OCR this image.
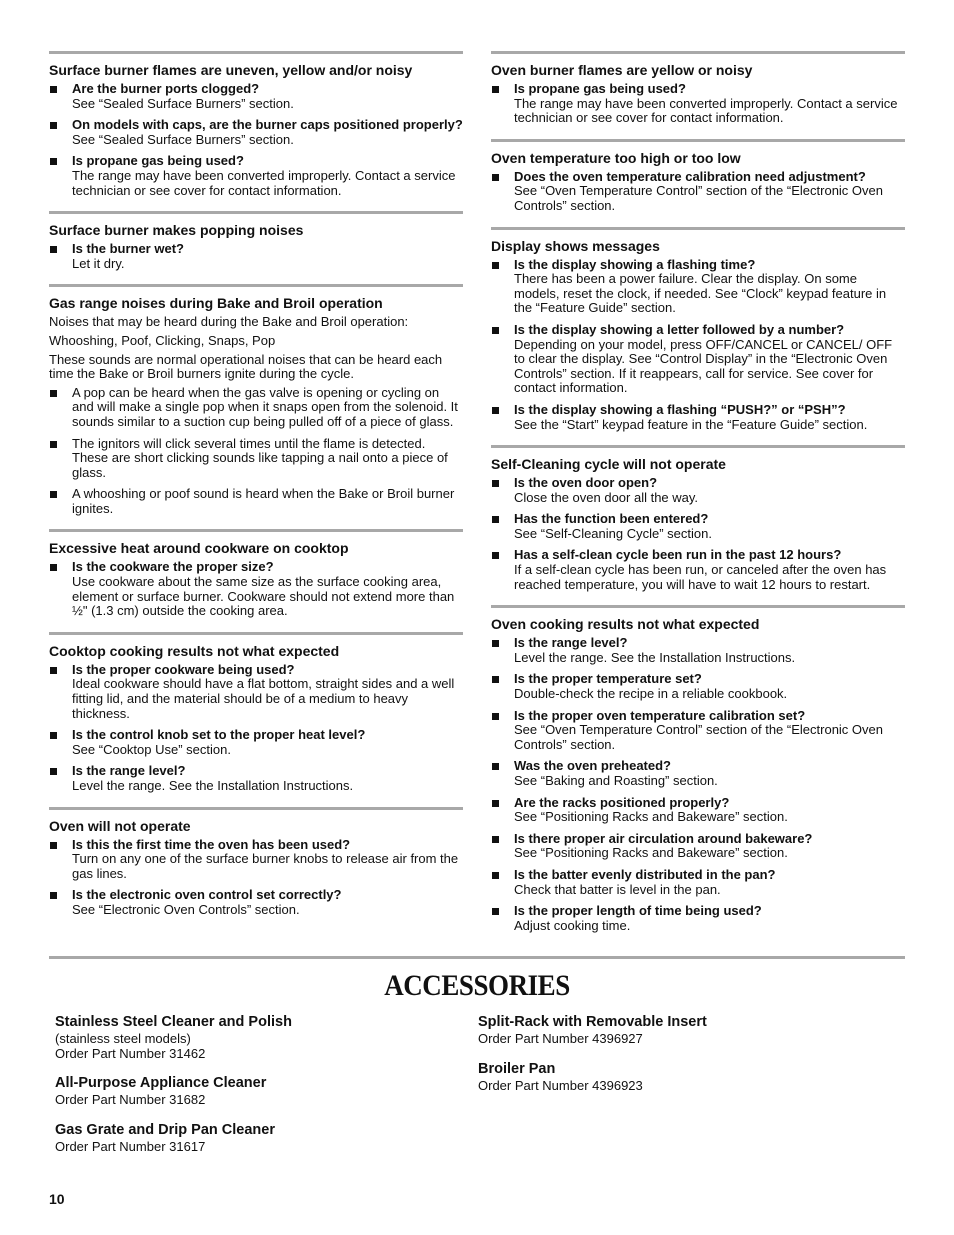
Surface burner flames are uneven, yellow and/or noisy
Are the burner ports clogged?
See “Sealed Surface Burners” section.
On models with caps, are the burner caps positioned properly?
See “Sealed Surface Burners” section.
Is propane gas being used?
The range may have been converted improperly. Contact a service technician or see cover for contact information.
Surface burner makes popping noises
Is the burner wet?
Let it dry.
Gas range noises during Bake and Broil operation
Noises that may be heard during the Bake and Broil operation:
Whooshing, Poof, Clicking, Snaps, Pop
These sounds are normal operational noises that can be heard each time the Bake or Broil burners ignite during the cycle.
A pop can be heard when the gas valve is opening or cycling on and will make a single pop when it snaps open from the solenoid. It sounds similar to a suction cup being pulled off of a piece of glass.
The ignitors will click several times until the flame is detected. These are short clicking sounds like tapping a nail onto a piece of glass.
A whooshing or poof sound is heard when the Bake or Broil burner ignites.
Excessive heat around cookware on cooktop
Is the cookware the proper size?
Use cookware about the same size as the surface cooking area, element or surface burner. Cookware should not extend more than ½" (1.3 cm) outside the cooking area.
Cooktop cooking results not what expected
Is the proper cookware being used?
Ideal cookware should have a flat bottom, straight sides and a well fitting lid, and the material should be of a medium to heavy thickness.
Is the control knob set to the proper heat level?
See “Cooktop Use” section.
Is the range level?
Level the range. See the Installation Instructions.
Oven will not operate
Is this the first time the oven has been used?
Turn on any one of the surface burner knobs to release air from the gas lines.
Is the electronic oven control set correctly?
See “Electronic Oven Controls” section.
Oven burner flames are yellow or noisy
Is propane gas being used?
The range may have been converted improperly. Contact a service technician or see cover for contact information.
Oven temperature too high or too low
Does the oven temperature calibration need adjustment?
See “Oven Temperature Control” section of the “Electronic Oven Controls” section.
Display shows messages
Is the display showing a flashing time?
There has been a power failure. Clear the display. On some models, reset the clock, if needed. See “Clock” keypad feature in the “Feature Guide” section.
Is the display showing a letter followed by a number?
Depending on your model, press OFF/CANCEL or CANCEL/ OFF to clear the display. See “Control Display” in the “Electronic Oven Controls” section. If it reappears, call for service. See cover for contact information.
Is the display showing a flashing “PUSH?” or “PSH”?
See the “Start” keypad feature in the “Feature Guide” section.
Self-Cleaning cycle will not operate
Is the oven door open?
Close the oven door all the way.
Has the function been entered?
See “Self-Cleaning Cycle” section.
Has a self-clean cycle been run in the past 12 hours?
If a self-clean cycle has been run, or canceled after the oven has reached temperature, you will have to wait 12 hours to restart.
Oven cooking results not what expected
Is the range level?
Level the range. See the Installation Instructions.
Is the proper temperature set?
Double-check the recipe in a reliable cookbook.
Is the proper oven temperature calibration set?
See “Oven Temperature Control” section of the “Electronic Oven Controls” section.
Was the oven preheated?
See “Baking and Roasting” section.
Are the racks positioned properly?
See “Positioning Racks and Bakeware” section.
Is there proper air circulation around bakeware?
See “Positioning Racks and Bakeware” section.
Is the batter evenly distributed in the pan?
Check that batter is level in the pan.
Is the proper length of time being used?
Adjust cooking time.
ACCESSORIES
Stainless Steel Cleaner and Polish
(stainless steel models)
Order Part Number 31462
All-Purpose Appliance Cleaner
Order Part Number 31682
Gas Grate and Drip Pan Cleaner
Order Part Number 31617
Split-Rack with Removable Insert
Order Part Number 4396927
Broiler Pan
Order Part Number 4396923
10
